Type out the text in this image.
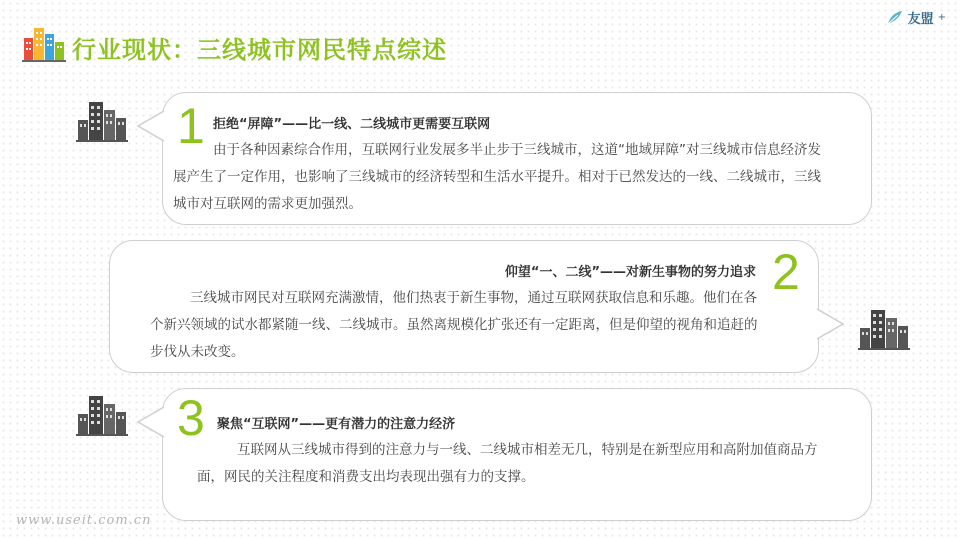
行业现状：三线城市网民特点综述
友盟 +
1 拒绝“屏障”——比一线、二线城市更需要互联网
由于各种因素综合作用，互联网行业发展多半止步于三线城市，这道“地域屏障”对三线城市信息经济发展产生了一定作用，也影响了三线城市的经济转型和生活水平提升。相对于已然发达的一线、二线城市，三线城市对互联网的需求更加强烈。
2
仰望“一、二线”——对新生事物的努力追求
三线城市网民对互联网充满激情，他们热衷于新生事物，通过互联网获取信息和乐趣。他们在各个新兴领域的试水都紧随一线、二线城市。虽然离规模化扩张还有一定距离，但是仰望的视角和追赶的步伐从未改变。
3 聚焦“互联网”——更有潜力的注意力经济
互联网从三线城市得到的注意力与一线、二线城市相差无几，特别是在新型应用和高附加值商品方面，网民的关注程度和消费支出均表现出强有力的支撑。
www.useit.com.cn
